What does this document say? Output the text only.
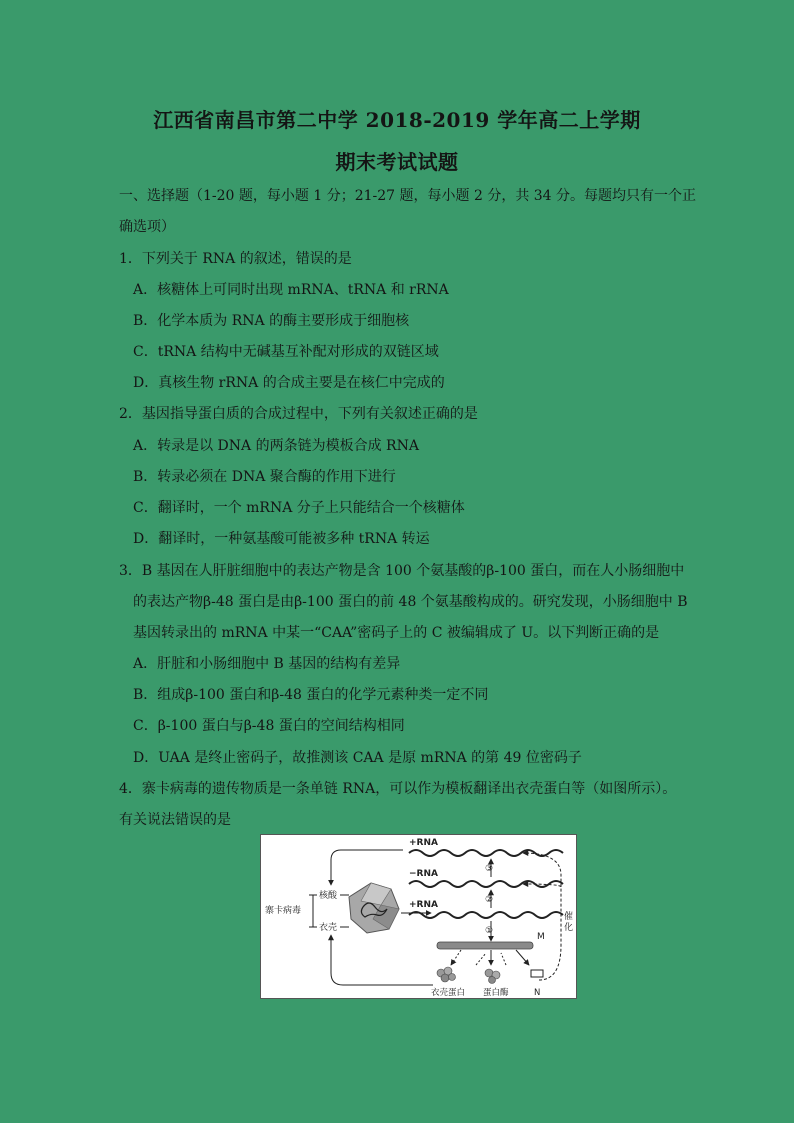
江西省南昌市第二中学 2018-2019 学年高二上学期
期末考试试题
一、选择题（1-20 题，每小题 1 分；21-27 题，每小题 2 分，共 34 分。每题均只有一个正
确选项）
1．下列关于 RNA 的叙述，错误的是
A．核糖体上可同时出现 mRNA、tRNA 和 rRNA
B．化学本质为 RNA 的酶主要形成于细胞核
C．tRNA 结构中无碱基互补配对形成的双链区域
D．真核生物 rRNA 的合成主要是在核仁中完成的
2．基因指导蛋白质的合成过程中，下列有关叙述正确的是
A．转录是以 DNA 的两条链为模板合成 RNA
B．转录必须在 DNA 聚合酶的作用下进行
C．翻译时，一个 mRNA 分子上只能结合一个核糖体
D．翻译时，一种氨基酸可能被多种 tRNA 转运
3．B 基因在人肝脏细胞中的表达产物是含 100 个氨基酸的β-100 蛋白，而在人小肠细胞中
的表达产物β-48 蛋白是由β-100 蛋白的前 48 个氨基酸构成的。研究发现，小肠细胞中 B
基因转录出的 mRNA 中某一“CAA”密码子上的 C 被编辑成了 U。以下判断正确的是
A．肝脏和小肠细胞中 B 基因的结构有差异
B．组成β-100 蛋白和β-48 蛋白的化学元素种类一定不同
C．β-100 蛋白与β-48 蛋白的空间结构相同
D．UAA 是终止密码子，故推测该 CAA 是原 mRNA 的第 49 位密码子
4．寨卡病毒的遗传物质是一条单链 RNA，可以作为模板翻译出衣壳蛋白等（如图所示）。
有关说法错误的是
寨卡病毒
核酸
衣壳
+RNA
−RNA
+RNA
③
②
①
M
催化
衣壳蛋白 蛋白酶	N
